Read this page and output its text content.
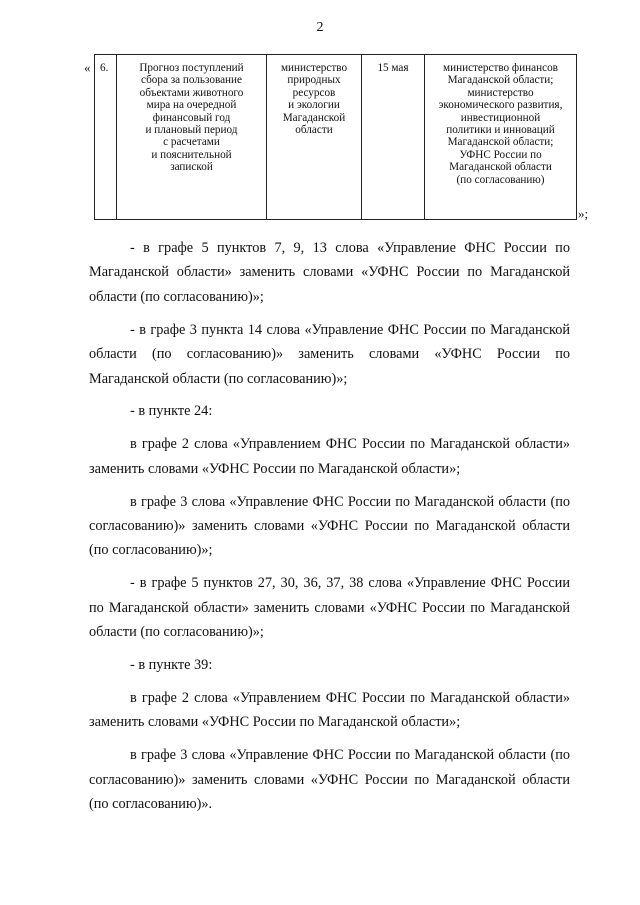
2
« 6.	Прогноз поступлений
сбора за пользование
объектами животного
мира на очередной
финансовый год
и плановый период
с расчетами
и пояснительной
запиской	министерство
природных
ресурсов
и экологии
Магаданской
области	15 мая	министерство финансов
Магаданской области;
министерство
экономического развития,
инвестиционной
политики и инноваций
Магаданской области;
УФНС России по
Магаданской области
(по согласованию)
»;

- в графе 5 пунктов 7, 9, 13 слова «Управление ФНС России по Магаданской области» заменить словами «УФНС России по Магаданской области (по согласованию)»;

- в графе 3 пункта 14 слова «Управление ФНС России по Магаданской области (по согласованию)» заменить словами «УФНС России по Магаданской области (по согласованию)»;

- в пункте 24:

в графе 2 слова «Управлением ФНС России по Магаданской области» заменить словами «УФНС России по Магаданской области»;

в графе 3 слова «Управление ФНС России по Магаданской области (по согласованию)» заменить словами «УФНС России по Магаданской области (по согласованию)»;

- в графе 5 пунктов 27, 30, 36, 37, 38 слова «Управление ФНС России по Магаданской области» заменить словами «УФНС России по Магаданской области (по согласованию)»;

- в пункте 39:

в графе 2 слова «Управлением ФНС России по Магаданской области» заменить словами «УФНС России по Магаданской области»;

в графе 3 слова «Управление ФНС России по Магаданской области (по согласованию)» заменить словами «УФНС России по Магаданской области (по согласованию)».
